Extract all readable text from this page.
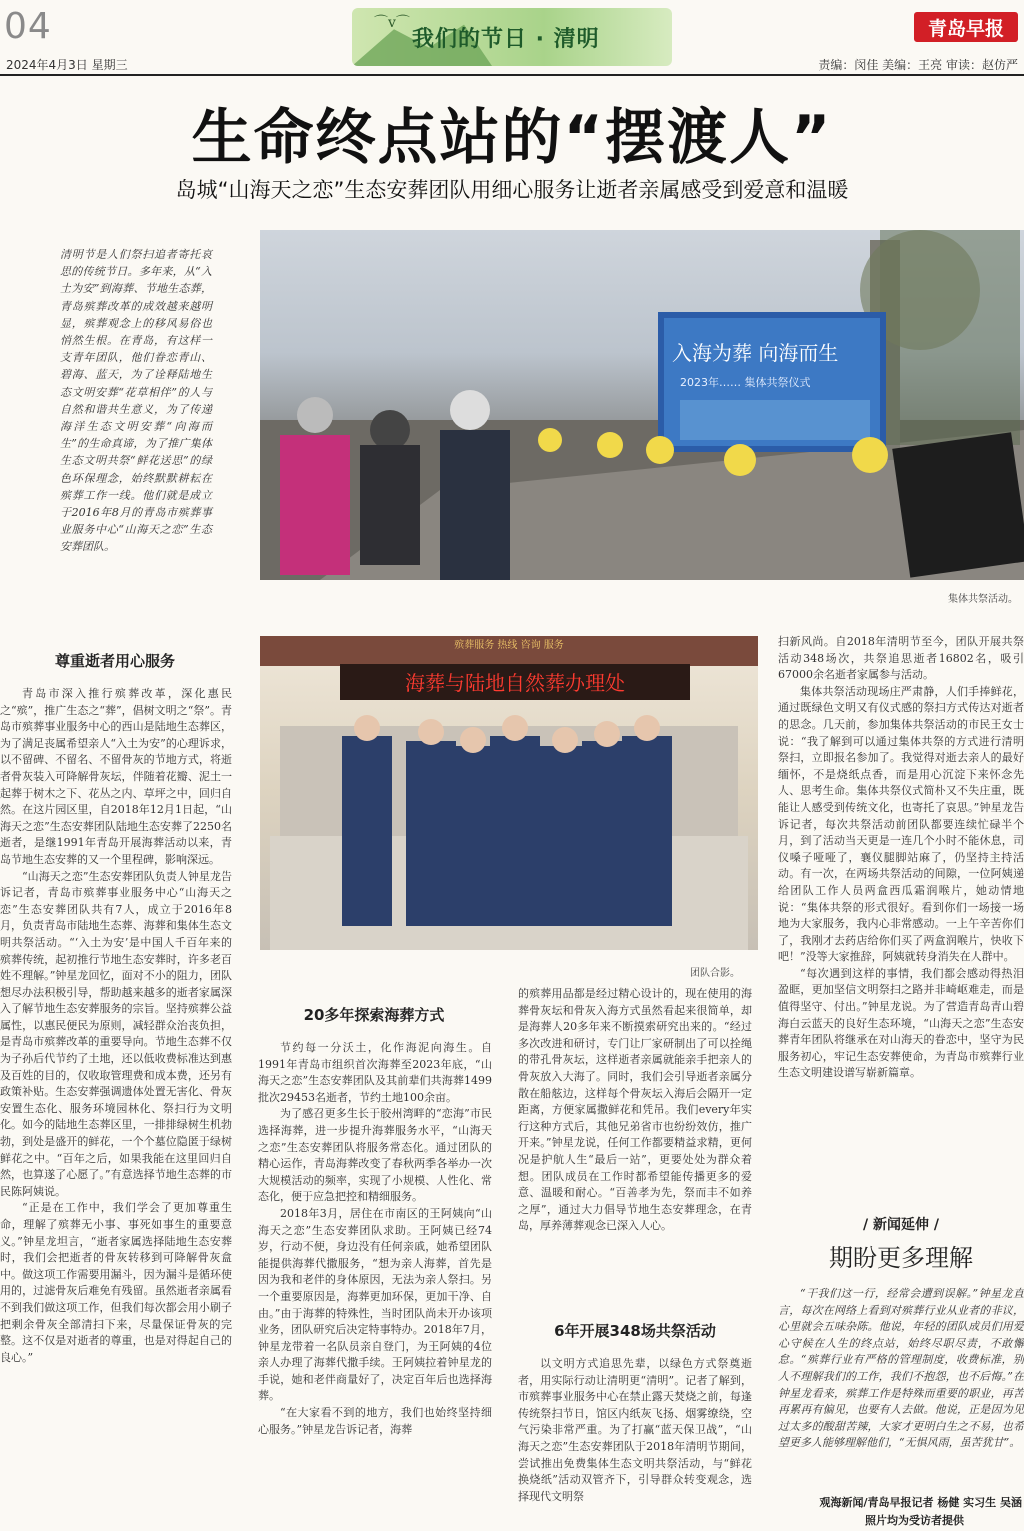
04
2024年4月3日 星期三
⌒v⌒
我们的节日 · 清明	青岛早报
责编：闵佳 美编：王亮 审读：赵仿严
生命终点站的“摆渡人”
岛城“山海天之恋”生态安葬团队用细心服务让逝者亲属感受到爱意和温暖
清明节是人们祭扫追者寄托哀思的传统节日。多年来，从“入土为安”到海葬、节地生态葬，青岛殡葬改革的成效越来越明显，殡葬观念上的移风易俗也悄然生根。在青岛，有这样一支青年团队，他们眷恋青山、碧海、蓝天，为了诠释陆地生态文明安葬“花草相伴”的人与自然和谐共生意义，为了传递海洋生态文明安葬“向海而生”的生命真谛，为了推广集体生态文明共祭“鲜花送思”的绿色环保理念，始终默默耕耘在殡葬工作一线。他们就是成立于2016年8月的青岛市殡葬事业服务中心“山海天之恋”生态安葬团队。
入海为葬 向海而生
2023年…… 集体共祭仪式
集体共祭活动。
殡葬服务 热线 咨询 服务
海葬与陆地自然葬办理处
团队合影。
尊重逝者用心服务

青岛市深入推行殡葬改革，深化惠民之“殡”，推广生态之“葬”，倡树文明之“祭”。青岛市殡葬事业服务中心的西山是陆地生态葬区，为了满足丧属希望亲人“入土为安”的心理诉求，以不留碑、不留名、不留骨灰的节地方式，将逝者骨灰装入可降解骨灰坛，伴随着花瓣、泥土一起葬于树木之下、花丛之内、草坪之中，回归自然。在这片园区里，自2018年12月1日起，“山海天之恋”生态安葬团队陆地生态安葬了2250名逝者，是继1991年青岛开展海葬活动以来，青岛节地生态安葬的又一个里程碑，影响深远。

“山海天之恋”生态安葬团队负责人钟星龙告诉记者，青岛市殡葬事业服务中心“山海天之恋”生态安葬团队共有7人，成立于2016年8月，负责青岛市陆地生态葬、海葬和集体生态文明共祭活动。“‘入土为安’是中国人千百年来的殡葬传统，起初推行节地生态安葬时，许多老百姓不理解。”钟星龙回忆，面对不小的阻力，团队想尽办法积极引导，帮助越来越多的逝者家属深入了解节地生态安葬服务的宗旨。坚持殡葬公益属性，以惠民便民为原则，减轻群众治丧负担，是青岛市殡葬改革的重要导向。节地生态葬不仅为子孙后代节约了土地，还以低收费标准达到惠及百姓的目的，仅收取管理费和成本费，还另有政策补贴。生态安葬强调遗体处置无害化、骨灰安置生态化、服务环境园林化、祭扫行为文明化。如今的陆地生态葬区里，一排排绿树生机勃勃，到处是盛开的鲜花，一个个墓位隐匿于绿树鲜花之中。“百年之后，如果我能在这里回归自然，也算遂了心愿了。”有意选择节地生态葬的市民陈阿姨说。

“正是在工作中，我们学会了更加尊重生命，理解了殡葬无小事、事死如事生的重要意义。”钟星龙坦言，“逝者家属选择陆地生态安葬时，我们会把逝者的骨灰转移到可降解骨灰盒中。做这项工作需要用漏斗，因为漏斗是循环使用的，过滤骨灰后难免有残留。虽然逝者亲属看不到我们做这项工作，但我们每次都会用小刷子把剩余骨灰全部清扫下来，尽量保证骨灰的完整。这不仅是对逝者的尊重，也是对得起自己的良心。”

20多年探索海葬方式

节约每一分沃土，化作海泥向海生。自1991年青岛市组织首次海葬至2023年底，“山海天之恋”生态安葬团队及其前辈们共海葬1499批次29453名逝者，节约土地100余亩。

为了感召更多生长于胶州湾畔的“恋海”市民选择海葬，进一步提升海葬服务水平，“山海天之恋”生态安葬团队将服务常态化。通过团队的精心运作，青岛海葬改变了春秋两季各举办一次大规模活动的频率，实现了小规模、人性化、常态化，便于应急把控和精细服务。

2018年3月，居住在市南区的王阿姨向“山海天之恋”生态安葬团队求助。王阿姨已经74岁，行动不便，身边没有任何亲戚，她希望团队能提供海葬代撒服务，“想为亲人海葬，首先是因为我和老伴的身体原因，无法为亲人祭扫。另一个重要原因是，海葬更加环保，更加干净、自由。”由于海葬的特殊性，当时团队尚未开办该项业务，团队研究后决定特事特办。2018年7月，钟星龙带着一名队员亲自登门，为王阿姨的4位亲人办理了海葬代撒手续。王阿姨拉着钟星龙的手说，她和老伴商量好了，决定百年后也选择海葬。

“在大家看不到的地方，我们也始终坚持细心服务。”钟星龙告诉记者，海葬

的殡葬用品都是经过精心设计的，现在使用的海葬骨灰坛和骨灰入海方式虽然看起来很简单，却是海葬人20多年来不断摸索研究出来的。“经过多次改进和研讨，专门让厂家研制出了可以拴绳的带孔骨灰坛，这样逝者亲属就能亲手把亲人的骨灰放入大海了。同时，我们会引导逝者亲属分散在船舷边，这样每个骨灰坛入海后会隔开一定距离，方便家属撒鲜花和凭吊。我们every年实行这种方式后，其他兄弟省市也纷纷效仿，推广开来。”钟星龙说，任何工作都要精益求精，更何况是护航人生“最后一站”，更要处处为群众着想。团队成员在工作时都希望能传播更多的爱意、温暖和耐心。“百善孝为先，祭而丰不如养之厚”，通过大力倡导节地生态安葬理念，在青岛，厚养薄葬观念已深入人心。

6年开展348场共祭活动

以文明方式追思先辈，以绿色方式祭奠逝者，用实际行动让清明更“清明”。记者了解到，市殡葬事业服务中心在禁止露天焚烧之前，每逢传统祭扫节日，馆区内纸灰飞扬、烟雾缭绕，空气污染非常严重。为了打赢“蓝天保卫战”，“山海天之恋”生态安葬团队于2018年清明节期间，尝试推出免费集体生态文明共祭活动，与“鲜花换烧纸”活动双管齐下，引导群众转变观念，选择现代文明祭

扫新风尚。自2018年清明节至今，团队开展共祭活动348场次，共祭追思逝者16802名，吸引67000余名逝者家属参与活动。

集体共祭活动现场庄严肃静，人们手捧鲜花，通过既绿色文明又有仪式感的祭扫方式传达对逝者的思念。几天前，参加集体共祭活动的市民王女士说：“我了解到可以通过集体共祭的方式进行清明祭扫，立即报名参加了。我觉得对逝去亲人的最好缅怀，不是烧纸点香，而是用心沉淀下来怀念先人、思考生命。集体共祭仪式简朴又不失庄重，既能让人感受到传统文化，也寄托了哀思。”钟星龙告诉记者，每次共祭活动前团队都要连续忙碌半个月，到了活动当天更是一连几个小时不能休息，司仪嗓子哑哑了，襄仪腿脚站麻了，仍坚持主持活动。有一次，在两场共祭活动的间隙，一位阿姨递给团队工作人员两盒西瓜霜润喉片，她动情地说：“集体共祭的形式很好。看到你们一场接一场地为大家服务，我内心非常感动。一上午辛苦你们了，我刚才去药店给你们买了两盒润喉片，快收下吧！”没等大家推辞，阿姨就转身消失在人群中。

“每次遇到这样的事情，我们都会感动得热泪盈眶，更加坚信文明祭扫之路并非崎岖难走，而是值得坚守、付出。”钟星龙说。为了营造青岛青山碧海白云蓝天的良好生态环境，“山海天之恋”生态安葬青年团队将继承在对山海天的眷恋中，坚守为民服务初心，牢记生态安葬使命，为青岛市殡葬行业生态文明建设谱写崭新篇章。

/ 新闻延伸 /
期盼更多理解

“干我们这一行，经常会遭到误解。”钟星龙直言，每次在网络上看到对殡葬行业从业者的非议，心里就会五味杂陈。他说，年轻的团队成员们用爱心守候在人生的终点站，始终尽职尽责，不敢懈怠。“殡葬行业有严格的管理制度，收费标准，别人不理解我们的工作，我们不抱怨，也不后悔。”在钟星龙看来，殡葬工作是特殊而重要的职业，再苦再累再有偏见，也要有人去做。他说，正是因为见过太多的酸甜苦辣，大家才更明白生之不易，也希望更多人能够理解他们，“无惧风雨，虽苦犹甘”。

观海新闻/青岛早报记者 杨健 实习生 吴涵
照片均为受访者提供
